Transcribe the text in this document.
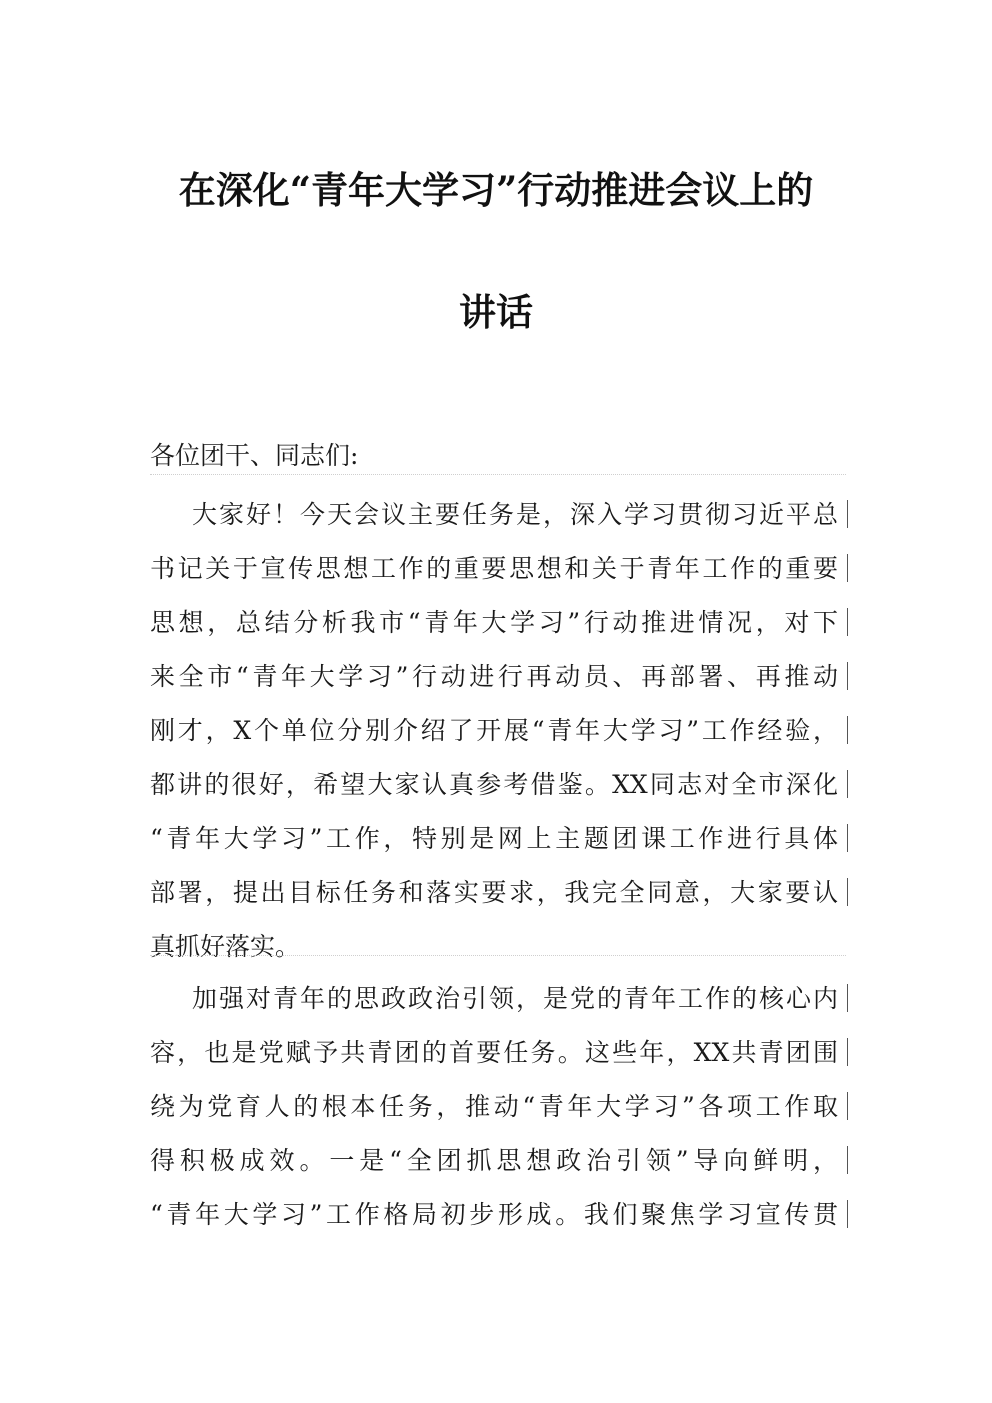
在深化“青年大学习”行动推进会议上的
讲话
各位团干、同志们:
大家好！今天会议主要任务是，深入学习贯彻习近平总
书记关于宣传思想工作的重要思想和关于青年工作的重要
思想，总结分析我市“青年大学习”行动推进情况，对下
来全市“青年大学习”行动进行再动员、再部署、再推动
刚才，X个单位分别介绍了开展“青年大学习”工作经验，
都讲的很好，希望大家认真参考借鉴。XX同志对全市深化
“青年大学习”工作，特别是网上主题团课工作进行具体
部署，提出目标任务和落实要求，我完全同意，大家要认
真抓好落实。
加强对青年的思政政治引领，是党的青年工作的核心内
容，也是党赋予共青团的首要任务。这些年，XX共青团围
绕为党育人的根本任务，推动“青年大学习”各项工作取
得积极成效。一是“全团抓思想政治引领”导向鲜明，
“青年大学习”工作格局初步形成。我们聚焦学习宣传贯
